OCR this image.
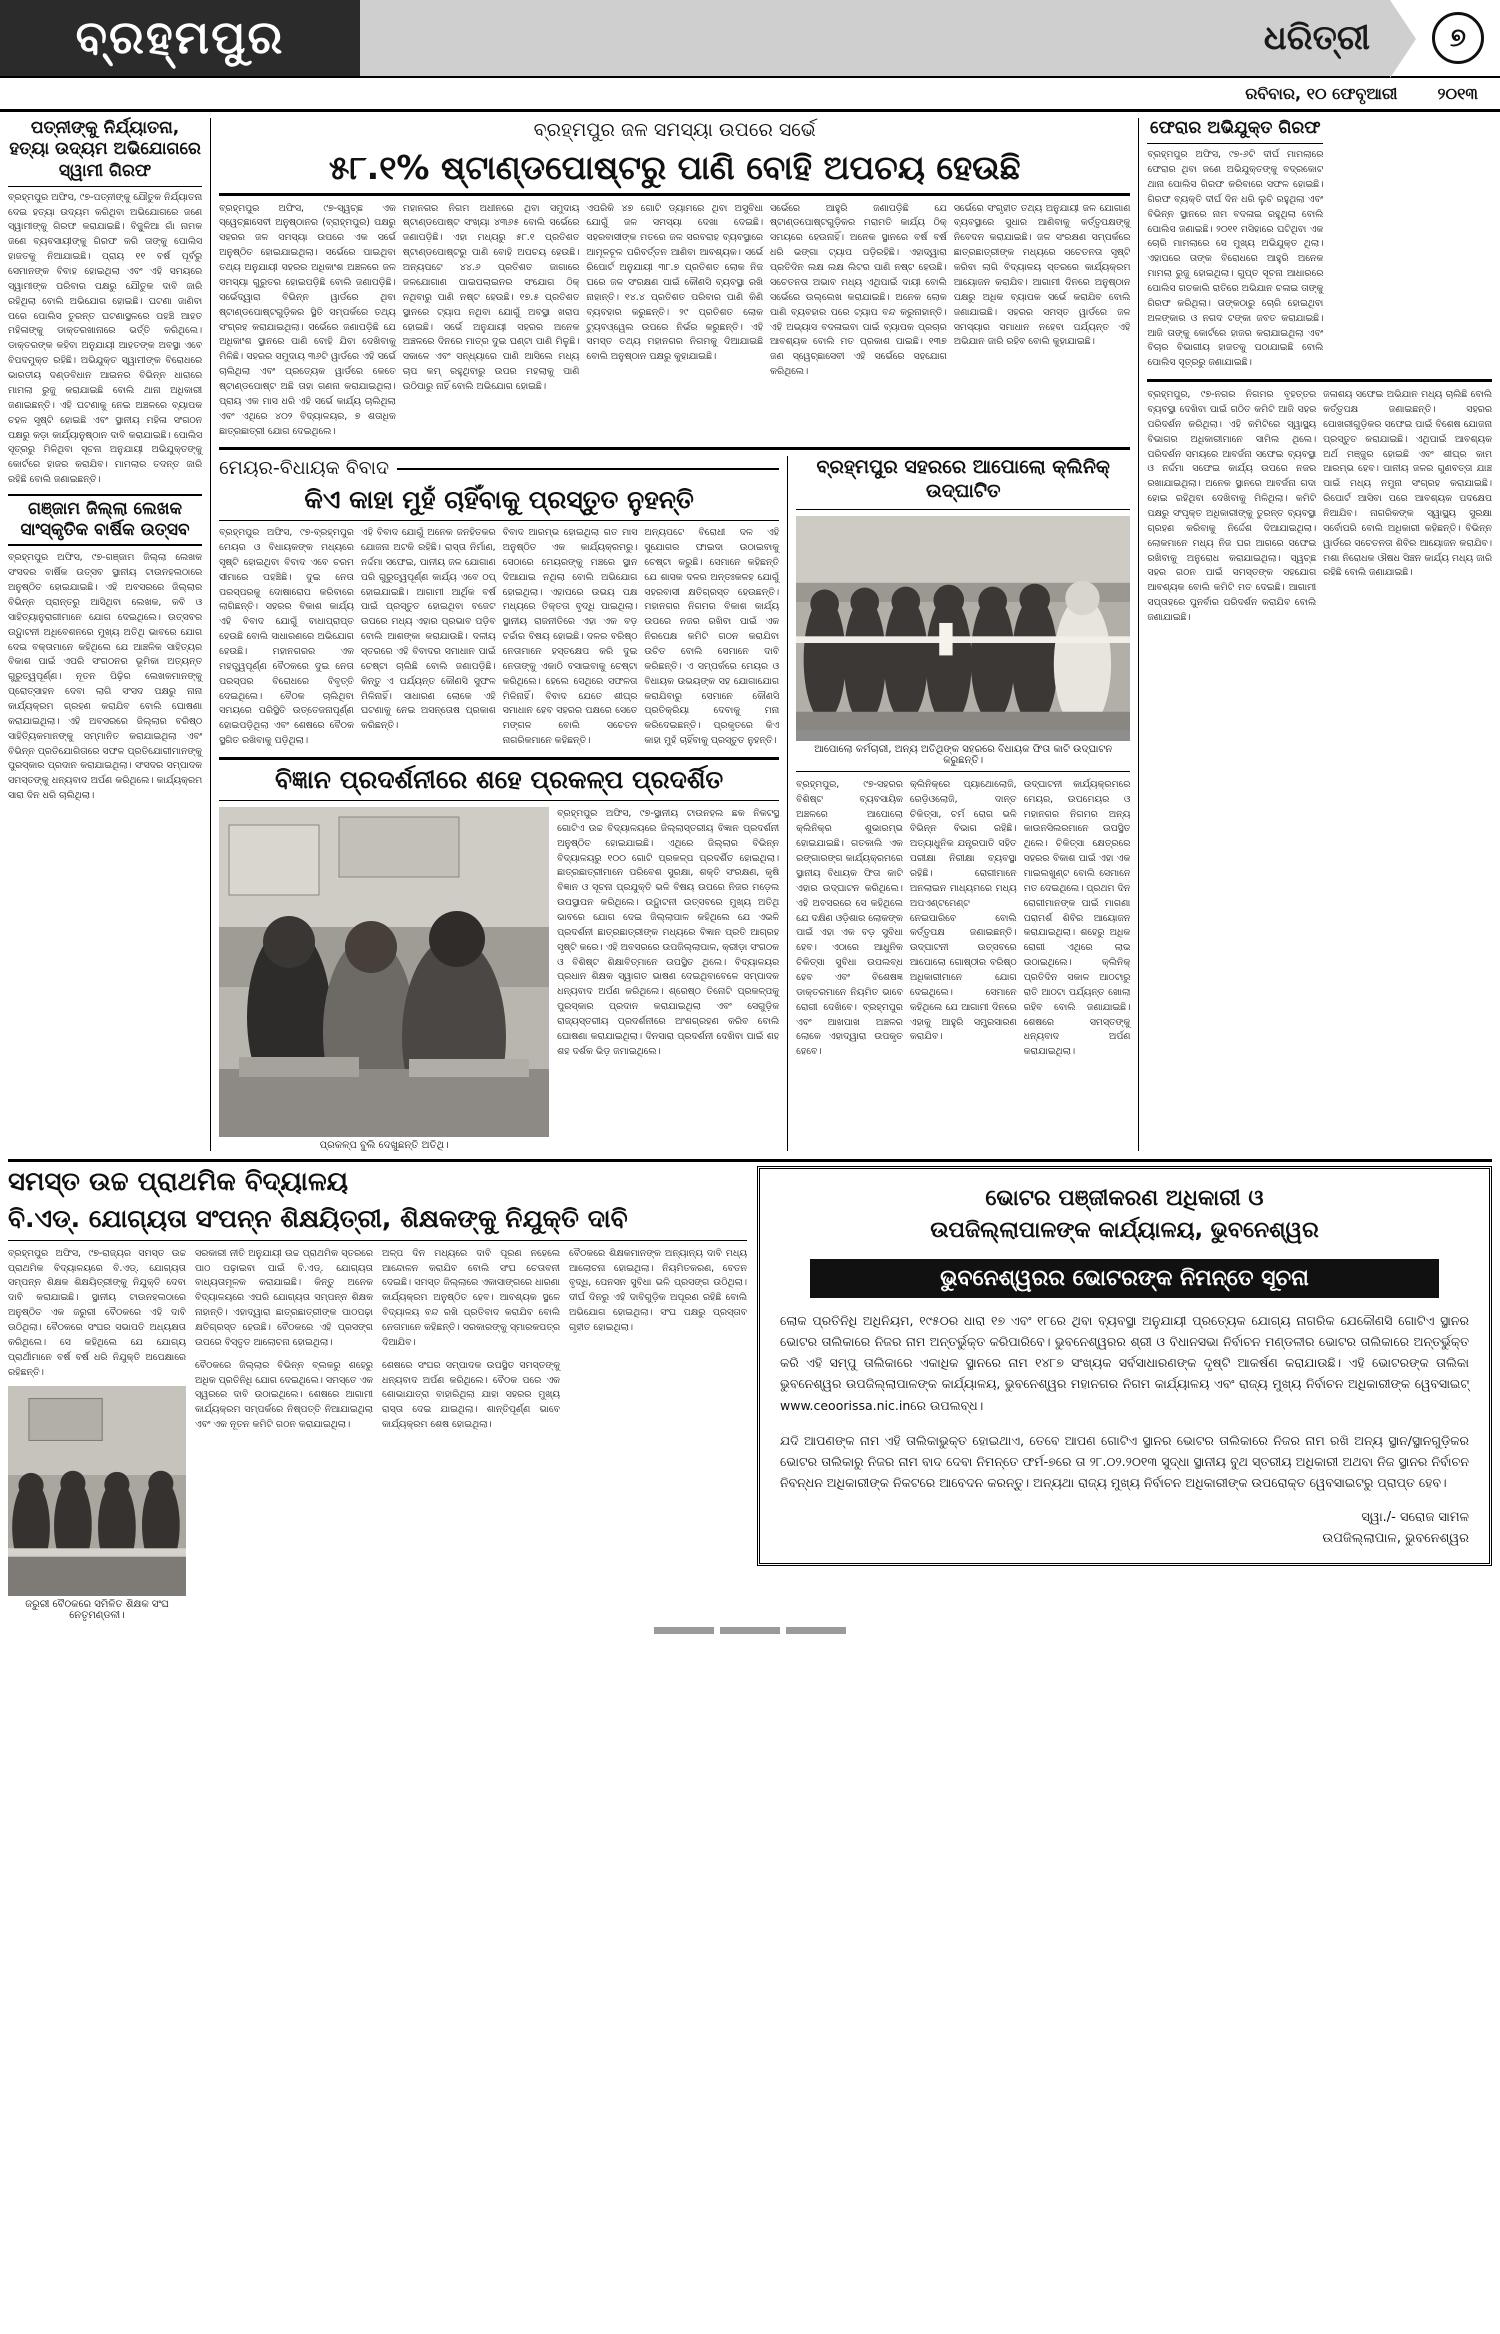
ବ୍ରହ୍ମପୁର	ଧରିତ୍ରୀ	୭
ରବିବାର, ୧୦ ଫେବୃଆରୀ	୨୦୧୩
ପତ୍ନୀଙ୍କୁ ନିର୍ଯ୍ୟାତନା, ହତ୍ୟା ଉଦ୍ୟମ ଅଭିଯୋଗରେ ସ୍ୱାମୀ ଗିରଫ
ବ୍ରହ୍ମପୁର ଅଫିସ, ୯୭-ପତ୍ନୀଙ୍କୁ ଯୌତୁକ ନିର୍ଯ୍ୟାତନା ଦେଇ ହତ୍ୟା ଉଦ୍ୟମ କରିଥିବା ଅଭିଯୋଗରେ ଜଣେ ସ୍ୱାମୀଙ୍କୁ ଗିରଫ କରାଯାଇଛି। ବିଜୁୁଳିଆ ଗାଁ ନାମକ ଜଣେ ବ୍ୟବସାୟୀଙ୍କୁ ଗିରଫ କରି ତାଙ୍କୁ ପୋଲିସ ହାଜତକୁ ନିଆଯାଇଛି। ପ୍ରାୟ ୧୧ ବର୍ଷ ପୂର୍ବରୁ ସେମାନଙ୍କ ବିବାହ ହୋଇଥିଲା ଏବଂ ଏହି ସମୟରେ ସ୍ୱାମୀଙ୍କ ପରିବାର ପକ୍ଷରୁ ଯୌତୁକ ଦାବି ଜାରି ରହିଥିଲା ବୋଲି ଅଭିଯୋଗ ହୋଇଛି। ଘଟଣା ଜାଣିବା ପରେ ପୋଲିସ ତୁରନ୍ତ ଘଟଣାସ୍ଥଳରେ ପହଞ୍ଚି ଆହତ ମହିଳାଙ୍କୁ ଡାକ୍ତରଖାନାରେ ଭର୍ତ୍ତି କରିଥିଲେ। ଡାକ୍ତରଙ୍କ କହିବା ଅନୁଯାୟୀ ଆହତଙ୍କ ଅବସ୍ଥା ଏବେ ବିପଦମୁକ୍ତ ରହିଛି। ଅଭିଯୁକ୍ତ ସ୍ୱାମୀଙ୍କ ବିରୋଧରେ ଭାରତୀୟ ଦଣ୍ଡବିଧାନ ଆଇନର ବିଭିନ୍ନ ଧାରାରେ ମାମଲା ରୁଜୁ କରାଯାଇଛି ବୋଲି ଥାନା ଅଧିକାରୀ ଜଣାଇଛନ୍ତି। ଏହି ଘଟଣାକୁ ନେଇ ଅଞ୍ଚଳରେ ବ୍ୟାପକ ଚହଳ ସୃଷ୍ଟି ହୋଇଛି ଏବଂ ସ୍ଥାନୀୟ ମହିଳା ସଂଗଠନ ପକ୍ଷରୁ କଡ଼ା କାର୍ଯ୍ୟାନୁଷ୍ଠାନ ଦାବି କରାଯାଇଛି। ପୋଲିସ ସୂତ୍ରରୁ ମିଳିଥିବା ସୂଚନା ଅନୁଯାୟୀ ଅଭିଯୁକ୍ତଙ୍କୁ କୋର୍ଟରେ ହାଜର କରାଯିବ। ମାମଲାର ତଦନ୍ତ ଜାରି ରହିଛି ବୋଲି ଜଣାଇଛନ୍ତି।
ଗଞ୍ଜାମ ଜିଲ୍ଲା ଲେଖକ ସାଂସ୍କୃତିକ ବାର୍ଷିକ ଉତ୍ସବ
ବ୍ରହ୍ମପୁର ଅଫିସ, ୯୭-ଗଞ୍ଜାମ ଜିଲ୍ଲା ଲେଖକ ସଂସଦର ବାର୍ଷିକ ଉତ୍ସବ ସ୍ଥାନୀୟ ଟାଉନହଲଠାରେ ଅନୁଷ୍ଠିତ ହୋଇଯାଇଛି। ଏହି ଅବସରରେ ଜିଲ୍ଲାର ବିଭିନ୍ନ ପ୍ରାନ୍ତରୁ ଆସିଥିବା ଲେଖକ, କବି ଓ ସାହିତ୍ୟାନୁରାଗୀମାନେ ଯୋଗ ଦେଇଥିଲେ। ଉତ୍ସବର ଉଦ୍ଘାଟନୀ ଅଧିବେଶନରେ ମୁଖ୍ୟ ଅତିଥି ଭାବରେ ଯୋଗ ଦେଇ ବକ୍ତାମାନେ କହିଥିଲେ ଯେ ଆଞ୍ଚଳିକ ସାହିତ୍ୟର ବିକାଶ ପାଇଁ ଏପରି ସଂଗଠନର ଭୂମିକା ଅତ୍ୟନ୍ତ ଗୁରୁତ୍ୱପୂର୍ଣ୍ଣ। ନୂତନ ପିଢ଼ିର ଲେଖକମାନଙ୍କୁ ପ୍ରୋତ୍ସାହନ ଦେବା ଲାଗି ସଂସଦ ପକ୍ଷରୁ ନାନା କାର୍ଯ୍ୟକ୍ରମ ଗ୍ରହଣ କରାଯିବ ବୋଲି ଘୋଷଣା କରାଯାଇଥିଲା। ଏହି ଅବସରରେ ଜିଲ୍ଲାର ବରିଷ୍ଠ ସାହିତ୍ୟିକମାନଙ୍କୁ ସମ୍ମାନିତ କରାଯାଇଥିଲା ଏବଂ ବିଭିନ୍ନ ପ୍ରତିଯୋଗିତାରେ ସଫଳ ପ୍ରତିଯୋଗୀମାନଙ୍କୁ ପୁରସ୍କାର ପ୍ରଦାନ କରାଯାଇଥିଲା। ସଂସଦର ସମ୍ପାଦକ ସମସ୍ତଙ୍କୁ ଧନ୍ୟବାଦ ଅର୍ପଣ କରିଥିଲେ। କାର୍ଯ୍ୟକ୍ରମ ସାରା ଦିନ ଧରି ଚାଲିଥିଲା।
ବ୍ରହ୍ମପୁର ଜଳ ସମସ୍ୟା ଉପରେ ସର୍ଭେ
୫୮.୧% ଷ୍ଟାଣ୍ଡପୋଷ୍ଟରୁ ପାଣି ବୋହି ଅପଚୟ ହେଉଛି
ବ୍ରହ୍ମପୁର ଅଫିସ, ୯୭-ସ୍ୱଚ୍ଛ ଏକ ସ୍ୱେଚ୍ଛାସେବୀ ଅନୁଷ୍ଠାନର (ବ୍ରାହ୍ମପୁର) ପକ୍ଷରୁ ସହରର ଜଳ ସମସ୍ୟା ଉପରେ ଏକ ସର୍ଭେ ଅନୁଷ୍ଠିତ ହୋଇଯାଇଥିଲା। ସର୍ଭେରେ ପାଇଥିବା ତଥ୍ୟ ଅନୁଯାୟୀ ସହରର ଅଧିକାଂଶ ଅଞ୍ଚଳରେ ଜଳ ସମସ୍ୟା ଗୁରୁତର ହୋଇପଡ଼ିଛି ବୋଲି ଜଣାପଡ଼ିଛି। ସର୍ଭେଦ୍ୱାରା ବିଭିନ୍ନ ୱାର୍ଡରେ ଥିବା ଷ୍ଟାଣ୍ଡପୋଷ୍ଟଗୁଡ଼ିକର ସ୍ଥିତି ସମ୍ପର୍କରେ ତଥ୍ୟ ସଂଗ୍ରହ କରାଯାଇଥିଲା। ସର୍ଭେରେ ଜଣାପଡ଼ିଛି ଯେ ଅଧିକାଂଶ ସ୍ଥାନରେ ପାଣି ବୋହି ଯିବା ଦେଖିବାକୁ ମିଳିଛି। ସହରର ସମୁଦାୟ ୩୬ଟି ୱାର୍ଡରେ ଏହି ସର୍ଭେ ଚାଲିଥିଲା ଏବଂ ପ୍ରତ୍ୟେକ ୱାର୍ଡରେ କେତେ ଷ୍ଟାଣ୍ଡପୋଷ୍ଟ ଅଛି ତାହା ଗଣନା କରାଯାଇଥିଲା। ପ୍ରାୟ ଏକ ମାସ ଧରି ଏହି ସର୍ଭେ କାର୍ଯ୍ୟ ଚାଲିଥିଲା ଏବଂ ଏଥିରେ ୪୦୨ ବିଦ୍ୟାଳୟର, ୭ ଶତାଧିକ ଛାତ୍ରଛାତ୍ରୀ ଯୋଗ ଦେଇଥିଲେ।
ମହାନଗର ନିଗମ ଅଧୀନରେ ଥିବା ସମୁଦାୟ ଷ୍ଟାଣ୍ଡପୋଷ୍ଟ ସଂଖ୍ୟା ୪୩୬୫ ବୋଲି ସର୍ଭେରେ ଜଣାପଡ଼ିଛି। ଏହା ମଧ୍ୟରୁ ୫୮.୧ ପ୍ରତିଶତ ଷ୍ଟାଣ୍ଡପୋଷ୍ଟରୁ ପାଣି ବୋହି ଅପଚୟ ହେଉଛି। ଅନ୍ୟପଟେ ୪୪.୬ ପ୍ରତିଶତ ଜାଗାରେ ଜଳଯୋଗାଣ ପାଇପଲାଇନର ସଂଯୋଗ ଠିକ୍ ନଥିବାରୁ ପାଣି ନଷ୍ଟ ହେଉଛି। ୧୭.୫ ପ୍ରତିଶତ ସ୍ଥାନରେ ଟ୍ୟାପ ନଥିବା ଯୋଗୁଁ ଅବସ୍ଥା ଖରାପ ହୋଇଛି। ସର୍ଭେ ଅନୁଯାୟୀ ସହରର ଅନେକ ଅଞ୍ଚଳରେ ଦିନରେ ମାତ୍ର ଦୁଇ ଘଣ୍ଟା ପାଣି ମିଳୁଛି। ସକାଳେ ଏବଂ ସନ୍ଧ୍ୟାରେ ପାଣି ଆସିଲେ ମଧ୍ୟ ଚାପ କମ୍ ରହୁଥିବାରୁ ଉପର ମହଲାକୁ ପାଣି ଉଠିପାରୁ ନାହିଁ ବୋଲି ଅଭିଯୋଗ ହୋଇଛି।
ଏପରିକି ୪୭ ଗୋଟି ଡ୍ୟାମରେ ଥିବା ଅସୁବିଧା ଯୋଗୁଁ ଜଳ ସମସ୍ୟା ଦେଖା ଦେଇଛି। ସହରବାସୀଙ୍କ ମତରେ ଜଳ ସରବରାହ ବ୍ୟବସ୍ଥାରେ ଆମୂଳଚୂଳ ପରିବର୍ତ୍ତନ ଆଣିବା ଆବଶ୍ୟକ। ସର୍ଭେ ରିପୋର୍ଟ ଅନୁଯାୟୀ ୩୮.୭ ପ୍ରତିଶତ ଲୋକ ନିଜ ଘରେ ଜଳ ସଂରକ୍ଷଣ ପାଇଁ କୌଣସି ବ୍ୟବସ୍ଥା ରଖି ନାହାନ୍ତି। ୧୪.୪ ପ୍ରତିଶତ ପରିବାର ପାଣି କିଣି ବ୍ୟବହାର କରୁଛନ୍ତି। ୨୯ ପ୍ରତିଶତ ଲୋକ ଟ୍ୟୁବଓ୍ୱେଲ ଉପରେ ନିର୍ଭର କରୁଛନ୍ତି। ଏହି ସମସ୍ତ ତଥ୍ୟ ମହାନଗର ନିଗମକୁ ଦିଆଯାଇଛି ବୋଲି ଅନୁଷ୍ଠାନ ପକ୍ଷରୁ କୁହାଯାଇଛି।
ସର୍ଭେରେ ଆହୁରି ଜଣାପଡ଼ିଛି ଯେ ଷ୍ଟାଣ୍ଡପୋଷ୍ଟଗୁଡ଼ିକର ମରାମତି କାର୍ଯ୍ୟ ଠିକ୍ ସମୟରେ ହେଉନାହିଁ। ଅନେକ ସ୍ଥାନରେ ବର୍ଷ ବର୍ଷ ଧରି ଭଙ୍ଗା ଟ୍ୟାପ ପଡ଼ିରହିଛି। ଏହାଦ୍ୱାରା ପ୍ରତିଦିନ ଲକ୍ଷ ଲକ୍ଷ ଲିଟର ପାଣି ନଷ୍ଟ ହେଉଛି। ସଚେତନତା ଅଭାବ ମଧ୍ୟ ଏଥିପାଇଁ ଦାୟୀ ବୋଲି ସର୍ଭେରେ ଉଲ୍ଲେଖ କରାଯାଇଛି। ଅନେକ ଲୋକ ପାଣି ବ୍ୟବହାର ପରେ ଟ୍ୟାପ ବନ୍ଦ କରୁନାହାନ୍ତି। ଏହି ଅଭ୍ୟାସ ବଦଳାଇବା ପାଇଁ ବ୍ୟାପକ ପ୍ରଚାର ଆବଶ୍ୟକ ବୋଲି ମତ ପ୍ରକାଶ ପାଇଛି। ୧୩୭ ଜଣ ସ୍ୱେଚ୍ଛାସେବୀ ଏହି ସର୍ଭେରେ ସହଯୋଗ କରିଥିଲେ।
ସର୍ଭେରେ ସଂଗୃହୀତ ତଥ୍ୟ ଅନୁଯାୟୀ ଜଳ ଯୋଗାଣ ବ୍ୟବସ୍ଥାରେ ସୁଧାର ଆଣିବାକୁ କର୍ତ୍ତୃପକ୍ଷଙ୍କୁ ନିବେଦନ କରାଯାଇଛି। ଜଳ ସଂରକ୍ଷଣ ସମ୍ପର୍କରେ ଛାତ୍ରଛାତ୍ରୀଙ୍କ ମଧ୍ୟରେ ସଚେତନତା ସୃଷ୍ଟି କରିବା ଲାଗି ବିଦ୍ୟାଳୟ ସ୍ତରରେ କାର୍ଯ୍ୟକ୍ରମ ଆୟୋଜନ କରାଯିବ। ଆଗାମୀ ଦିନରେ ଅନୁଷ୍ଠାନ ପକ୍ଷରୁ ଅଧିକ ବ୍ୟାପକ ସର୍ଭେ କରାଯିବ ବୋଲି ଜଣାଯାଇଛି। ସହରର ସମସ୍ତ ୱାର୍ଡରେ ଜଳ ସମସ୍ୟାର ସମାଧାନ ନହେବା ପର୍ଯ୍ୟନ୍ତ ଏହି ଅଭିଯାନ ଜାରି ରହିବ ବୋଲି କୁହାଯାଇଛି।
ମେୟର-ବିଧାୟକ ବିବାଦ
କିଏ କାହା ମୁହଁ ଚାହିଁବାକୁ ପ୍ରସ୍ତୁତ ନୁହନ୍ତି
ବ୍ରହ୍ମପୁର ଅଫିସ, ୯୭-ବ୍ରହ୍ମପୁର ମେୟର ଓ ବିଧାୟକଙ୍କ ମଧ୍ୟରେ ସୃଷ୍ଟି ହୋଇଥିବା ବିବାଦ ଏବେ ଚରମ ସୀମାରେ ପହଞ୍ଚିଛି। ଦୁଇ ନେତା ପରସ୍ପରକୁ ଦୋଷାରୋପ କରିବାରେ ଲାଗିଛନ୍ତି। ସହରର ବିକାଶ କାର୍ଯ୍ୟ ଏହି ବିବାଦ ଯୋଗୁଁ ବାଧାପ୍ରାପ୍ତ ହେଉଛି ବୋଲି ସାଧାରଣରେ ଅଭିଯୋଗ ହେଉଛି। ମହାନଗରର ଏକ ମହତ୍ତ୍ୱପୂର୍ଣ୍ଣ ବୈଠକରେ ଦୁଇ ନେତା ପରସ୍ପର ବିରୋଧରେ ବିବୃତ୍ତି ଦେଇଥିଲେ। ବୈଠକ ଚାଲିଥିବା ସମୟରେ ପରିସ୍ଥିତି ଉତ୍ତେଜନାପୂର୍ଣ୍ଣ ହୋଇପଡ଼ିଥିଲା ଏବଂ ଶେଷରେ ବୈଠକ ସ୍ଥଗିତ ରଖିବାକୁ ପଡ଼ିଥିଲା।
ଏହି ବିବାଦ ଯୋଗୁଁ ଅନେକ ଜନହିତକର ଯୋଜନା ଅଟକି ରହିଛି। ରାସ୍ତା ନିର୍ମାଣ, ନର୍ଦ୍ଦମା ସଫେଇ, ପାନୀୟ ଜଳ ଯୋଗାଣ ପରି ଗୁରୁତ୍ୱପୂର୍ଣ୍ଣ କାର୍ଯ୍ୟ ଏବେ ଠପ୍ ହୋଇଯାଇଛି। ଆଗାମୀ ଆର୍ଥିକ ବର୍ଷ ପାଇଁ ପ୍ରସ୍ତୁତ ହୋଇଥିବା ବଜେଟ ଉପରେ ମଧ୍ୟ ଏହାର ପ୍ରଭାବ ପଡ଼ିବ ବୋଲି ଆଶଙ୍କା କରାଯାଉଛି। ଦଳୀୟ ସ୍ତରରେ ଏହି ବିବାଦର ସମାଧାନ ପାଇଁ ଚେଷ୍ଟା ଚାଲିଛି ବୋଲି ଜଣାପଡ଼ିଛି। କିନ୍ତୁ ଏ ପର୍ଯ୍ୟନ୍ତ କୌଣସି ସୁଫଳ ମିଳିନାହିଁ। ସାଧାରଣ ଲୋକେ ଏହି ଘଟଣାକୁ ନେଇ ଅସନ୍ତୋଷ ପ୍ରକାଶ କରିଛନ୍ତି।
ବିବାଦ ଆରମ୍ଭ ହୋଇଥିଲା ଗତ ମାସ ଅନୁଷ୍ଠିତ ଏକ କାର୍ଯ୍ୟକ୍ରମରୁ। ସେଠାରେ ମେୟରଙ୍କୁ ମଞ୍ଚରେ ସ୍ଥାନ ଦିଆଯାଇ ନଥିଲା ବୋଲି ଅଭିଯୋଗ ହୋଇଥିଲା। ଏହାପରେ ଉଭୟ ପକ୍ଷ ମଧ୍ୟରେ ତିକ୍ତତା ବୃଦ୍ଧି ପାଇଥିଲା। ସ୍ଥାନୀୟ ରାଜନୀତିରେ ଏହା ଏକ ବଡ଼ ଚର୍ଚ୍ଚାର ବିଷୟ ହୋଇଛି। ଦଳର ବରିଷ୍ଠ ନେତାମାନେ ହସ୍ତକ୍ଷେପ କରି ଦୁଇ ନେତାଙ୍କୁ ଏକାଠି ବସାଇବାକୁ ଚେଷ୍ଟା କରିଥିଲେ। ହେଲେ ସେଥିରେ ସଫଳତା ମିଳିନାହିଁ। ବିବାଦ ଯେତେ ଶୀଘ୍ର ସମାଧାନ ହେବ ସହରର ପକ୍ଷରେ ସେତେ ମଙ୍ଗଳ ବୋଲି ସଚେତନ ନାଗରିକମାନେ କହିଛନ୍ତି।
ଅନ୍ୟପଟେ ବିରୋଧୀ ଦଳ ଏହି ସୁଯୋଗର ଫାଇଦା ଉଠାଇବାକୁ ଚେଷ୍ଟା କରୁଛି। ସେମାନେ କହିଛନ୍ତି ଯେ ଶାସକ ଦଳର ଅନ୍ତଃକଳହ ଯୋଗୁଁ ସହରବାସୀ କ୍ଷତିଗ୍ରସ୍ତ ହେଉଛନ୍ତି। ମହାନଗର ନିଗମର ବିକାଶ କାର୍ଯ୍ୟ ଉପରେ ନଜର ରଖିବା ପାଇଁ ଏକ ନିରପେକ୍ଷ କମିଟି ଗଠନ କରାଯିବା ଉଚିତ ବୋଲି ସେମାନେ ଦାବି କରିଛନ୍ତି। ଏ ସମ୍ପର୍କରେ ମେୟର ଓ ବିଧାୟକ ଉଭୟଙ୍କ ସହ ଯୋଗାଯୋଗ କରାଯିବାରୁ ସେମାନେ କୌଣସି ପ୍ରତିକ୍ରିୟା ଦେବାକୁ ମନା କରିଦେଇଛନ୍ତି। ପ୍ରକୃତରେ କିଏ କାହା ମୁହଁ ଚାହିଁବାକୁ ପ୍ରସ୍ତୁତ ନୁହନ୍ତି।
ବିଜ୍ଞାନ ପ୍ରଦର୍ଶନୀରେ ଶହେ ପ୍ରକଳ୍ପ ପ୍ରଦର୍ଶିତ
ପ୍ରକଳ୍ପ ବୁଲି ଦେଖୁଛନ୍ତି ଅତିଥି।
ବ୍ରହ୍ମପୁର ଅଫିସ, ୯୭-ସ୍ଥାନୀୟ ଟାଉନହଲ ଛକ ନିକଟସ୍ଥ ଗୋଟିଏ ଉଚ୍ଚ ବିଦ୍ୟାଳୟରେ ଜିଲ୍ଲାସ୍ତରୀୟ ବିଜ୍ଞାନ ପ୍ରଦର୍ଶନୀ ଅନୁଷ୍ଠିତ ହୋଇଯାଇଛି। ଏଥିରେ ଜିଲ୍ଲାର ବିଭିନ୍ନ ବିଦ୍ୟାଳୟରୁ ୧୦୦ ଗୋଟି ପ୍ରକଳ୍ପ ପ୍ରଦର୍ଶିତ ହୋଇଥିଲା। ଛାତ୍ରଛାତ୍ରୀମାନେ ପରିବେଶ ସୁରକ୍ଷା, ଶକ୍ତି ସଂରକ୍ଷଣ, କୃଷି ବିଜ୍ଞାନ ଓ ସୂଚନା ପ୍ରଯୁକ୍ତି ଭଳି ବିଷୟ ଉପରେ ନିଜର ମଡ଼େଲ ଉପସ୍ଥାପନ କରିଥିଲେ। ଉଦ୍ଘାଟନୀ ଉତ୍ସବରେ ମୁଖ୍ୟ ଅତିଥି ଭାବରେ ଯୋଗ ଦେଇ ଜିଲ୍ଲାପାଳ କହିଥିଲେ ଯେ ଏଭଳି ପ୍ରଦର୍ଶନୀ ଛାତ୍ରଛାତ୍ରୀଙ୍କ ମଧ୍ୟରେ ବିଜ୍ଞାନ ପ୍ରତି ଆଗ୍ରହ ସୃଷ୍ଟି କରେ। ଏହି ଅବସରରେ ଉପଜିଲ୍ଲାପାଳ, କ୍ରୀଡ଼ା ସଂଗଠକ ଓ ବିଶିଷ୍ଟ ଶିକ୍ଷାବିତ୍‌ମାନେ ଉପସ୍ଥିତ ଥିଲେ। ବିଦ୍ୟାଳୟର ପ୍ରଧାନ ଶିକ୍ଷକ ସ୍ୱାଗତ ଭାଷଣ ଦେଇଥିବାବେଳେ ସମ୍ପାଦକ ଧନ୍ୟବାଦ ଅର୍ପଣ କରିଥିଲେ। ଶ୍ରେଷ୍ଠ ତିନୋଟି ପ୍ରକଳ୍ପକୁ ପୁରସ୍କାର ପ୍ରଦାନ କରାଯାଇଥିଲା ଏବଂ ସେଗୁଡ଼ିକ ରାଜ୍ୟସ୍ତରୀୟ ପ୍ରଦର୍ଶନୀରେ ଅଂଶଗ୍ରହଣ କରିବ ବୋଲି ଘୋଷଣା କରାଯାଇଥିଲା। ଦିନସାରା ପ୍ରଦର୍ଶନୀ ଦେଖିବା ପାଇଁ ଶହ ଶହ ଦର୍ଶକ ଭିଡ଼ ଜମାଇଥିଲେ।
ବ୍ରହ୍ମପୁର ସହରରେ ଆପୋଲୋ କ୍ଲିନିକ୍ ଉଦ୍‌ଘାଟିତ
ଆପୋଲୋ କର୍ମଚାରୀ, ଅନ୍ୟ ଅତିଥିଙ୍କ ସହରରେ ବିଧାୟକ ଫିତା କାଟି ଉଦ୍‌ଘାଟନ କରୁଛନ୍ତି।
ବ୍ରହ୍ମପୁର, ୯୭-ସହରର ବିଶିଷ୍ଟ ବ୍ୟବସାୟିକ ଅଞ୍ଚଳରେ ଆପୋଲୋ କ୍ଲିନିକ୍‌ର ଶୁଭାରମ୍ଭ ହୋଇଯାଇଛି। ଗତକାଲି ଏକ ରଙ୍ଗାରଙ୍ଗ କାର୍ଯ୍ୟକ୍ରମରେ ସ୍ଥାନୀୟ ବିଧାୟକ ଫିତା କାଟି ଏହାର ଉଦ୍‌ଘାଟନ କରିଥିଲେ। ଏହି ଅବସରରେ ସେ କହିଥିଲେ ଯେ ଦକ୍ଷିଣ ଓଡ଼ିଶାର ଲୋକଙ୍କ ପାଇଁ ଏହା ଏକ ବଡ଼ ସୁବିଧା ହେବ। ଏଠାରେ ଆଧୁନିକ ଚିକିତ୍ସା ସୁବିଧା ଉପଲବ୍ଧ ହେବ ଏବଂ ବିଶେଷଜ୍ଞ ଡାକ୍ତରମାନେ ନିୟମିତ ଭାବେ ରୋଗୀ ଦେଖିବେ। ବ୍ରହ୍ମପୁର ଏବଂ ଆଖପାଖ ଅଞ୍ଚଳର ଲୋକେ ଏହାଦ୍ୱାରା ଉପକୃତ ହେବେ।
କ୍ଲିନିକ୍‌ରେ ପ୍ୟାଥୋଲୋଜି, ରେଡ଼ିଓଲୋଜି, ଦାନ୍ତ ଚିକିତ୍ସା, ଚର୍ମ ରୋଗ ଭଳି ବିଭିନ୍ନ ବିଭାଗ ରହିଛି। ଅତ୍ୟାଧୁନିକ ଯନ୍ତ୍ରପାତି ସହିତ ପରୀକ୍ଷା ନିରୀକ୍ଷା ବ୍ୟବସ୍ଥା ରହିଛି। ରୋଗୀମାନେ ଅନଲାଇନ ମାଧ୍ୟମରେ ମଧ୍ୟ ଅପଏଣ୍ଟମେଣ୍ଟ ନେଇପାରିବେ ବୋଲି କର୍ତ୍ତୃପକ୍ଷ ଜଣାଇଛନ୍ତି। ଉଦ୍‌ଘାଟନୀ ଉତ୍ସବରେ ଆପୋଲୋ ଗୋଷ୍ଠୀର ବରିଷ୍ଠ ଅଧିକାରୀମାନେ ଯୋଗ ଦେଇଥିଲେ। ସେମାନେ କହିଥିଲେ ଯେ ଆଗାମୀ ଦିନରେ ଏହାକୁ ଆହୁରି ସମ୍ପ୍ରସାରଣ କରାଯିବ।
ଉଦ୍‌ଘାଟନୀ କାର୍ଯ୍ୟକ୍ରମରେ ମେୟର, ଉପମେୟର ଓ ମହାନଗର ନିଗମର ଅନ୍ୟ କାଉନସିଲରମାନେ ଉପସ୍ଥିତ ଥିଲେ। ଚିକିତ୍ସା କ୍ଷେତ୍ରରେ ସହରର ବିକାଶ ପାଇଁ ଏହା ଏକ ମାଇଲଖୁଣ୍ଟ ବୋଲି ସେମାନେ ମତ ଦେଇଥିଲେ। ପ୍ରଥମ ଦିନ ରୋଗୀମାନଙ୍କ ପାଇଁ ମାଗଣା ପରାମର୍ଶ ଶିବିର ଆୟୋଜନ କରାଯାଇଥିଲା। ଶହେରୁ ଅଧିକ ରୋଗୀ ଏଥିରେ ଲାଭ ଉଠାଇଥିଲେ। କ୍ଲିନିକ୍ ପ୍ରତିଦିନ ସକାଳ ଆଠଟାରୁ ରାତି ଆଠଟା ପର୍ଯ୍ୟନ୍ତ ଖୋଲା ରହିବ ବୋଲି ଜଣାଯାଇଛି। ଶେଷରେ ସମସ୍ତଙ୍କୁ ଧନ୍ୟବାଦ ଅର୍ପଣ କରାଯାଇଥିଲା।
ଫେରାର ଅଭିଯୁକ୍ତ ଗିରଫ
ବ୍ରହ୍ମପୁର ଅଫିସ, ୯୭-୬ଟି ଦୀର୍ଘ ମାମଲାରେ ଫେରାର ଥିବା ଜଣେ ଅଭିଯୁକ୍ତଙ୍କୁ ବଦ୍ରକୋଟ ଥାନା ପୋଲିସ ଗିରଫ କରିବାରେ ସଫଳ ହୋଇଛି। ଗିରଫ ବ୍ୟକ୍ତି ଦୀର୍ଘ ଦିନ ଧରି ଲୁଚି ରହୁଥିଲା ଏବଂ ବିଭିନ୍ନ ସ୍ଥାନରେ ନାମ ବଦଳାଇ ରହୁଥିଲା ବୋଲି ପୋଲିସ ଜଣାଇଛି। ୨୦୧୧ ମସିହାରେ ଘଟିଥିବା ଏକ ଚୋରି ମାମଲାରେ ସେ ମୁଖ୍ୟ ଅଭିଯୁକ୍ତ ଥିଲା। ଏହାପରେ ତାଙ୍କ ବିରୋଧରେ ଆହୁରି ଅନେକ ମାମଲା ରୁଜୁ ହୋଇଥିଲା। ଗୁପ୍ତ ସୂଚନା ଆଧାରରେ ପୋଲିସ ଗତକାଲି ରାତିରେ ଅଭିଯାନ ଚଳାଇ ତାଙ୍କୁ ଗିରଫ କରିଥିଲା। ତାଙ୍କଠାରୁ ଚୋରି ହୋଇଥିବା ଅଳଙ୍କାର ଓ ନଗଦ ଟଙ୍କା ଜବତ କରାଯାଇଛି। ଆଜି ତାଙ୍କୁ କୋର୍ଟରେ ହାଜର କରାଯାଇଥିଲା ଏବଂ ବିଚାର ବିଭାଗୀୟ ହାଜତକୁ ପଠାଯାଇଛି ବୋଲି ପୋଲିସ ସୂତ୍ରରୁ ଜଣାଯାଇଛି।
ବ୍ରହ୍ମପୁର, ୯୭-ନଗର ନିଗମର ବୃହତ୍ତର ବ୍ୟବସ୍ଥା ଦେଖିବା ପାଇଁ ଗଠିତ କମିଟି ଆଜି ସହର ପରିଦର୍ଶନ କରିଥିଲା। ଏହି କମିଟିରେ ସ୍ୱାସ୍ଥ୍ୟ ବିଭାଗର ଅଧିକାରୀମାନେ ସାମିଲ ଥିଲେ। ପରିଦର୍ଶନ ସମୟରେ ଆବର୍ଜନା ସଫେଇ ବ୍ୟବସ୍ଥା ଓ ନର୍ଦ୍ଦମା ସଫେଇ କାର୍ଯ୍ୟ ଉପରେ ନଜର ରଖାଯାଇଥିଲା। ଅନେକ ସ୍ଥାନରେ ଆବର୍ଜନା ଗଦା ହୋଇ ରହିଥିବା ଦେଖିବାକୁ ମିଳିଥିଲା। କମିଟି ପକ୍ଷରୁ ସଂପୃକ୍ତ ଅଧିକାରୀଙ୍କୁ ତୁରନ୍ତ ବ୍ୟବସ୍ଥା ଗ୍ରହଣ କରିବାକୁ ନିର୍ଦ୍ଦେଶ ଦିଆଯାଇଥିଲା। ଲୋକମାନେ ମଧ୍ୟ ନିଜ ଘର ଆଗରେ ସଫେଇ ରଖିବାକୁ ଅନୁରୋଧ କରାଯାଇଥିଲା। ସ୍ୱଚ୍ଛ ସହର ଗଠନ ପାଇଁ ସମସ୍ତଙ୍କ ସହଯୋଗ ଆବଶ୍ୟକ ବୋଲି କମିଟି ମତ ଦେଇଛି। ଆଗାମୀ ସପ୍ତାହରେ ପୁନର୍ବାର ପରିଦର୍ଶନ କରାଯିବ ବୋଲି ଜଣାଯାଇଛି।
ଜଳାଶୟ ସଫେଇ ଅଭିଯାନ ମଧ୍ୟ ଚାଲିଛି ବୋଲି କର୍ତ୍ତୃପକ୍ଷ ଜଣାଇଛନ୍ତି। ସହରର ପୋଖରୀଗୁଡ଼ିକର ସଫେଇ ପାଇଁ ବିଶେଷ ଯୋଜନା ପ୍ରସ୍ତୁତ କରାଯାଇଛି। ଏଥିପାଇଁ ଆବଶ୍ୟକ ଅର୍ଥ ମଞ୍ଜୁର ହୋଇଛି ଏବଂ ଶୀଘ୍ର କାମ ଆରମ୍ଭ ହେବ। ପାନୀୟ ଜଳର ଗୁଣବତ୍ତା ଯାଞ୍ଚ ପାଇଁ ମଧ୍ୟ ନମୁନା ସଂଗ୍ରହ କରାଯାଇଛି। ରିପୋର୍ଟ ଆସିବା ପରେ ଆବଶ୍ୟକ ପଦକ୍ଷେପ ନିଆଯିବ। ନାଗରିକଙ୍କ ସ୍ୱାସ୍ଥ୍ୟ ସୁରକ୍ଷା ସର୍ବୋପରି ବୋଲି ଅଧିକାରୀ କହିଛନ୍ତି। ବିଭିନ୍ନ ୱାର୍ଡରେ ସଚେତନତା ଶିବିର ଆୟୋଜନ କରାଯିବ। ମଶା ନିରୋଧକ ଔଷଧ ସିଞ୍ଚନ କାର୍ଯ୍ୟ ମଧ୍ୟ ଜାରି ରହିଛି ବୋଲି ଜଣାଯାଇଛି।
ସମସ୍ତ ଉଚ୍ଚ ପ୍ରାଥମିକ ବିଦ୍ୟାଳୟ
ବି.ଏଡ୍. ଯୋଗ୍ୟତା ସଂପନ୍ନ ଶିକ୍ଷୟିତ୍ରୀ, ଶିକ୍ଷକଙ୍କୁ ନିଯୁକ୍ତି ଦାବି
ବ୍ରହ୍ମପୁର ଅଫିସ, ୯୭-ରାଜ୍ୟର ସମସ୍ତ ଉଚ୍ଚ ପ୍ରାଥମିକ ବିଦ୍ୟାଳୟରେ ବି.ଏଡ୍. ଯୋଗ୍ୟତା ସମ୍ପନ୍ନ ଶିକ୍ଷକ ଶିକ୍ଷୟିତ୍ରୀଙ୍କୁ ନିଯୁକ୍ତି ଦେବା ଦାବି କରାଯାଇଛି। ସ୍ଥାନୀୟ ଟାଉନହଲଠାରେ ଅନୁଷ୍ଠିତ ଏକ ଜରୁରୀ ବୈଠକରେ ଏହି ଦାବି ଉଠିଥିଲା। ବୈଠକରେ ସଂଘର ସଭାପତି ଅଧ୍ୟକ୍ଷତା କରିଥିଲେ। ସେ କହିଥିଲେ ଯେ ଯୋଗ୍ୟ ପ୍ରାର୍ଥୀମାନେ ବର୍ଷ ବର୍ଷ ଧରି ନିଯୁକ୍ତି ଅପେକ୍ଷାରେ ରହିଛନ୍ତି।
ଜରୁରୀ ବୈଠକରେ ସମିଳିତ ଶିକ୍ଷକ ସଂଘ ନେତୃମଣ୍ଡଳୀ।
ସରକାରୀ ନୀତି ଅନୁଯାୟୀ ଉଚ୍ଚ ପ୍ରାଥମିକ ସ୍ତରରେ ପାଠ ପଢ଼ାଇବା ପାଇଁ ବି.ଏଡ୍. ଯୋଗ୍ୟତା ବାଧ୍ୟତାମୂଳକ କରାଯାଇଛି। କିନ୍ତୁ ଅନେକ ବିଦ୍ୟାଳୟରେ ଏପରି ଯୋଗ୍ୟତା ସମ୍ପନ୍ନ ଶିକ୍ଷକ ନାହାନ୍ତି। ଏହାଦ୍ୱାରା ଛାତ୍ରଛାତ୍ରୀଙ୍କ ପାଠପଢ଼ା କ୍ଷତିଗ୍ରସ୍ତ ହେଉଛି। ବୈଠକରେ ଏହି ପ୍ରସଙ୍ଗ ଉପରେ ବିସ୍ତୃତ ଆଲୋଚନା ହୋଇଥିଲା।
ବୈଠକରେ ଜିଲ୍ଲାର ବିଭିନ୍ନ ବ୍ଲକରୁ ଶହେରୁ ଅଧିକ ପ୍ରତିନିଧି ଯୋଗ ଦେଇଥିଲେ। ସମସ୍ତେ ଏକ ସ୍ୱରରେ ଦାବି ଉଠାଇଥିଲେ। ଶେଷରେ ଆଗାମୀ କାର୍ଯ୍ୟକ୍ରମ ସମ୍ପର୍କରେ ନିଷ୍ପତ୍ତି ନିଆଯାଇଥିଲା ଏବଂ ଏକ ନୂତନ କମିଟି ଗଠନ କରାଯାଇଥିଲା।
ଅଳ୍ପ ଦିନ ମଧ୍ୟରେ ଦାବି ପୂରଣ ନହେଲେ ଆନ୍ଦୋଳନ କରାଯିବ ବୋଲି ସଂଘ ଚେତାବନୀ ଦେଇଛି। ସମସ୍ତ ଜିଲ୍ଲାରେ ଏକାସାଙ୍ଗରେ ଧାରଣା କାର୍ଯ୍ୟକ୍ରମ ଅନୁଷ୍ଠିତ ହେବ। ଆବଶ୍ୟକ ସ୍ଥଳେ ବିଦ୍ୟାଳୟ ବନ୍ଦ ରଖି ପ୍ରତିବାଦ କରାଯିବ ବୋଲି ନେତାମାନେ କହିଛନ୍ତି। ସରକାରଙ୍କୁ ସ୍ମାରକପତ୍ର ଦିଆଯିବ।
ଶେଷରେ ସଂଘର ସମ୍ପାଦକ ଉପସ୍ଥିତ ସମସ୍ତଙ୍କୁ ଧନ୍ୟବାଦ ଅର୍ପଣ କରିଥିଲେ। ବୈଠକ ପରେ ଏକ ଶୋଭାଯାତ୍ରା ବାହାରିଥିଲା ଯାହା ସହରର ମୁଖ୍ୟ ରାସ୍ତା ଦେଇ ଯାଇଥିଲା। ଶାନ୍ତିପୂର୍ଣ୍ଣ ଭାବେ କାର୍ଯ୍ୟକ୍ରମ ଶେଷ ହୋଇଥିଲା।
ବୈଠକରେ ଶିକ୍ଷକମାନଙ୍କ ଅନ୍ୟାନ୍ୟ ଦାବି ମଧ୍ୟ ଆଲୋଚନା ହୋଇଥିଲା। ନିୟମିତକରଣ, ବେତନ ବୃଦ୍ଧି, ପେନସନ ସୁବିଧା ଭଳି ପ୍ରସଙ୍ଗ ଉଠିଥିଲା। ଦୀର୍ଘ ଦିନରୁ ଏହି ଦାବିଗୁଡ଼ିକ ଅପୂରଣ ରହିଛି ବୋଲି ଅଭିଯୋଗ ହୋଇଥିଲା। ସଂଘ ପକ୍ଷରୁ ପ୍ରସ୍ତାବ ଗୃହୀତ ହୋଇଥିଲା।
ଭୋଟର ପଞ୍ଜୀକରଣ ଅଧିକାରୀ ଓ
ଉପଜିଲ୍ଲାପାଳଙ୍କ କାର୍ଯ୍ୟାଳୟ, ଭୁବନେଶ୍ୱର
ଭୁବନେଶ୍ୱରର ଭୋଟରଙ୍କ ନିମନ୍ତେ ସୂଚନା
ଲୋକ ପ୍ରତିନିଧି ଅଧିନିୟମ, ୧୯୫୦ର ଧାରା ୧୭ ଏବଂ ୧୮ରେ ଥିବା ବ୍ୟବସ୍ଥା ଅନୁଯାୟୀ ପ୍ରତ୍ୟେକ ଯୋଗ୍ୟ ନାଗରିକ ଯେକୌଣସି ଗୋଟିଏ ସ୍ଥାନର ଭୋଟର ତାଲିକାରେ ନିଜର ନାମ ଅନ୍ତର୍ଭୁକ୍ତ କରିପାରିବେ। ଭୁବନେଶ୍ୱରର ଶ୍ରୀ ଓ ବିଧାନସଭା ନିର୍ବାଚନ ମଣ୍ଡଳୀର ଭୋଟର ତାଲିକାରେ ଅନ୍ତର୍ଭୁକ୍ତ କରି ଏହି ସମ୍ପୁ ତାଲିକାରେ ଏକାଧିକ ସ୍ଥାନରେ ନାମ ୧୪୮୭ ସଂଖ୍ୟକ ସର୍ବସାଧାରଣଙ୍କ ଦୃଷ୍ଟି ଆକର୍ଷଣ କରାଯାଉଛି। ଏହି ଭୋଟରଙ୍କ ତାଲିକା ଭୁବନେଶ୍ୱର ଉପଜିଲ୍ଲାପାଳଙ୍କ କାର୍ଯ୍ୟାଳୟ, ଭୁବନେଶ୍ୱର ମହାନଗର ନିଗମ କାର୍ଯ୍ୟାଳୟ ଏବଂ ରାଜ୍ୟ ମୁଖ୍ୟ ନିର୍ବାଚନ ଅଧିକାରୀଙ୍କ ୱେବସାଇଟ୍ www.ceoorissa.nic.inରେ ଉପଲବ୍ଧ।
ଯଦି ଆପଣଙ୍କ ନାମ ଏହି ତାଲିକାଭୁକ୍ତ ହୋଇଥାଏ, ତେବେ ଆପଣ ଗୋଟିଏ ସ୍ଥାନର ଭୋଟର ତାଲିକାରେ ନିଜର ନାମ ରଖି ଅନ୍ୟ ସ୍ଥାନ/ସ୍ଥାନଗୁଡ଼ିକର ଭୋଟର ତାଲିକାରୁ ନିଜର ନାମ ବାଦ ଦେବା ନିମନ୍ତେ ଫର୍ମ-୭ରେ ତା ୨୮.୦୨.୨୦୧୩ ସୁଦ୍ଧା ସ୍ଥାନୀୟ ବୁଥ ସ୍ତରୀୟ ଅଧିକାରୀ ଅଥବା ନିଜ ସ୍ଥାନର ନିର୍ବାଚନ ନିବନ୍ଧନ ଅଧିକାରୀଙ୍କ ନିକଟରେ ଆବେଦନ କରନ୍ତୁ। ଅନ୍ୟଥା ରାଜ୍ୟ ମୁଖ୍ୟ ନିର୍ବାଚନ ଅଧିକାରୀଙ୍କ ଉପରୋକ୍ତ ୱେବସାଇଟରୁ ପ୍ରାପ୍ତ ହେବ।
ସ୍ୱା./- ସରୋଜ ସାମଳ
ଉପଜିଲ୍ଲାପାଳ, ଭୁବନେଶ୍ୱର
